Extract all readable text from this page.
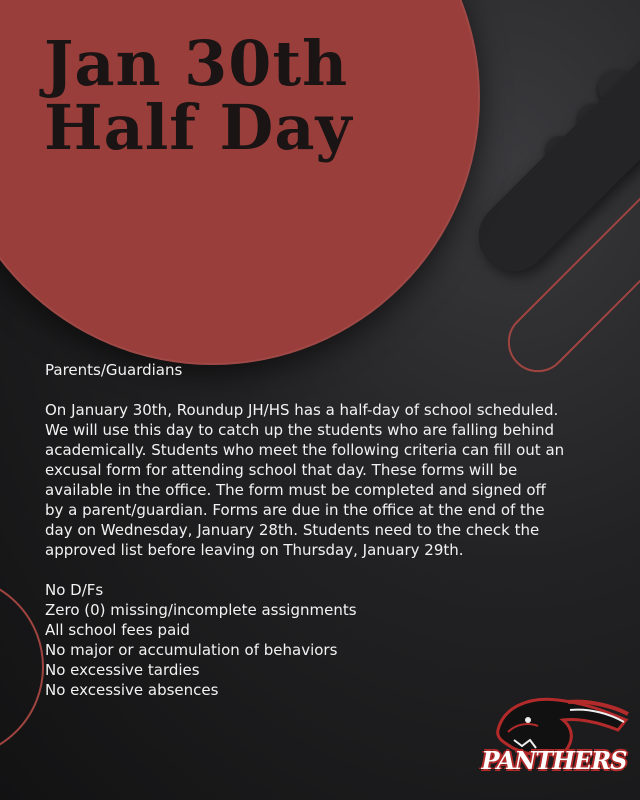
Jan 30th
Half Day

Parents/Guardians

On January 30th, Roundup JH/HS has a half-day of school scheduled. We will use this day to catch up the students who are falling behind academically. Students who meet the following criteria can fill out an excusal form for attending school that day. These forms will be available in the office. The form must be completed and signed off by a parent/guardian. Forms are due in the office at the end of the day on Wednesday, January 28th. Students need to the check the approved list before leaving on Thursday, January 29th.

No D/Fs
Zero (0) missing/incomplete assignments
All school fees paid
No major or accumulation of behaviors
No excessive tardies
No excessive absences
PANTHERS
